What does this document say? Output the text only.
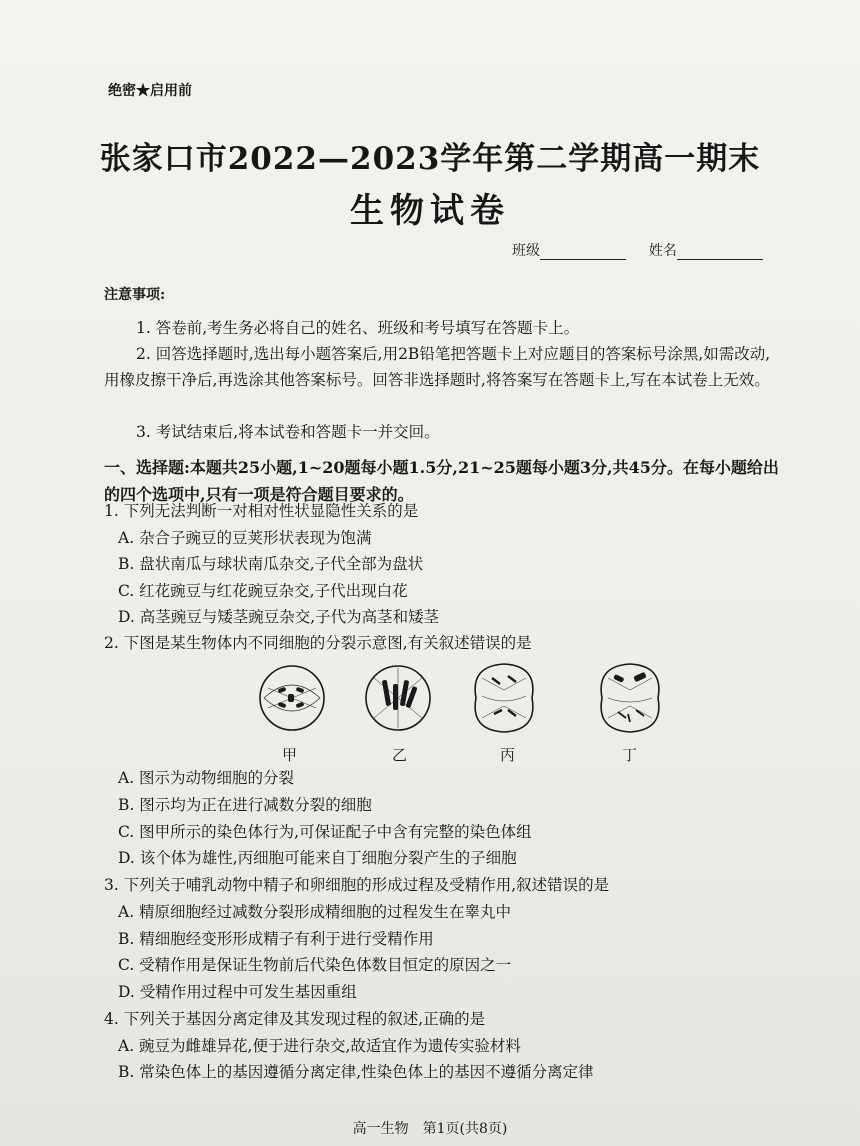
绝密★启用前
张家口市2022—2023学年第二学期高一期末
生物试卷
班级	姓名
注意事项:
1. 答卷前,考生务必将自己的姓名、班级和考号填写在答题卡上。
2. 回答选择题时,选出每小题答案后,用2B铅笔把答题卡上对应题目的答案标号涂黑,如需改动,用橡皮擦干净后,再选涂其他答案标号。回答非选择题时,将答案写在答题卡上,写在本试卷上无效。
3. 考试结束后,将本试卷和答题卡一并交回。
一、选择题:本题共25小题,1~20题每小题1.5分,21~25题每小题3分,共45分。在每小题给出的四个选项中,只有一项是符合题目要求的。
1. 下列无法判断一对相对性状显隐性关系的是
A. 杂合子豌豆的豆荚形状表现为饱满
B. 盘状南瓜与球状南瓜杂交,子代全部为盘状
C. 红花豌豆与红花豌豆杂交,子代出现白花
D. 高茎豌豆与矮茎豌豆杂交,子代为高茎和矮茎
2. 下图是某生物体内不同细胞的分裂示意图,有关叙述错误的是
甲	乙	丙	丁
A. 图示为动物细胞的分裂
B. 图示均为正在进行减数分裂的细胞
C. 图甲所示的染色体行为,可保证配子中含有完整的染色体组
D. 该个体为雄性,丙细胞可能来自丁细胞分裂产生的子细胞
3. 下列关于哺乳动物中精子和卵细胞的形成过程及受精作用,叙述错误的是
A. 精原细胞经过减数分裂形成精细胞的过程发生在睾丸中
B. 精细胞经变形形成精子有利于进行受精作用
C. 受精作用是保证生物前后代染色体数目恒定的原因之一
D. 受精作用过程中可发生基因重组
4. 下列关于基因分离定律及其发现过程的叙述,正确的是
A. 豌豆为雌雄异花,便于进行杂交,故适宜作为遗传实验材料
B. 常染色体上的基因遵循分离定律,性染色体上的基因不遵循分离定律
高一生物　第1页(共8页)
